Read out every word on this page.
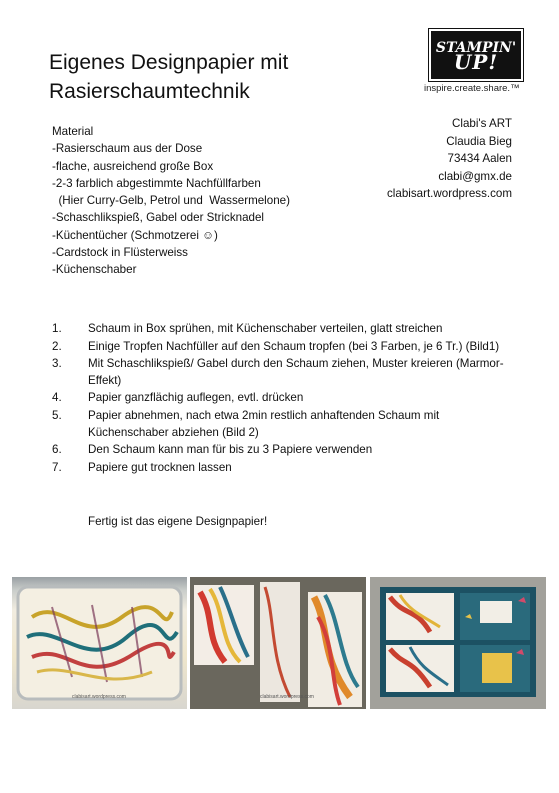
Eigenes Designpapier mit
Rasierschaumtechnik
STAMPIN'
UP!
inspire.create.share.™
Material
-Rasierschaum aus der Dose
-flache, ausreichend große Box
-2-3 farblich abgestimmte Nachfüllfarben
(Hier Curry-Gelb, Petrol und  Wassermelone)
-Schaschlikspieß, Gabel oder Stricknadel
-Küchentücher (Schmotzerei ☺)
-Cardstock in Flüsterweiss
-Küchenschaber
Clabi's ART
Claudia Bieg
73434 Aalen
clabi@gmx.de
clabisart.wordpress.com
1.	Schaum in Box sprühen, mit Küchenschaber verteilen, glatt streichen
2.	Einige Tropfen Nachfüller auf den Schaum tropfen (bei 3 Farben, je 6 Tr.) (Bild1)
3.	Mit Schaschlikspieß/ Gabel durch den Schaum ziehen, Muster kreieren (Marmor-Effekt)
4.	Papier ganzflächig auflegen, evtl. drücken
5.	Papier abnehmen, nach etwa 2min restlich anhaftenden Schaum mit Küchenschaber abziehen (Bild 2)
6.	Den Schaum kann man für bis zu 3 Papiere verwenden
7.	Papiere gut trocknen lassen
Fertig ist das eigene Designpapier!
clabisart.wordpress.com	clabisart.wordpress.com
